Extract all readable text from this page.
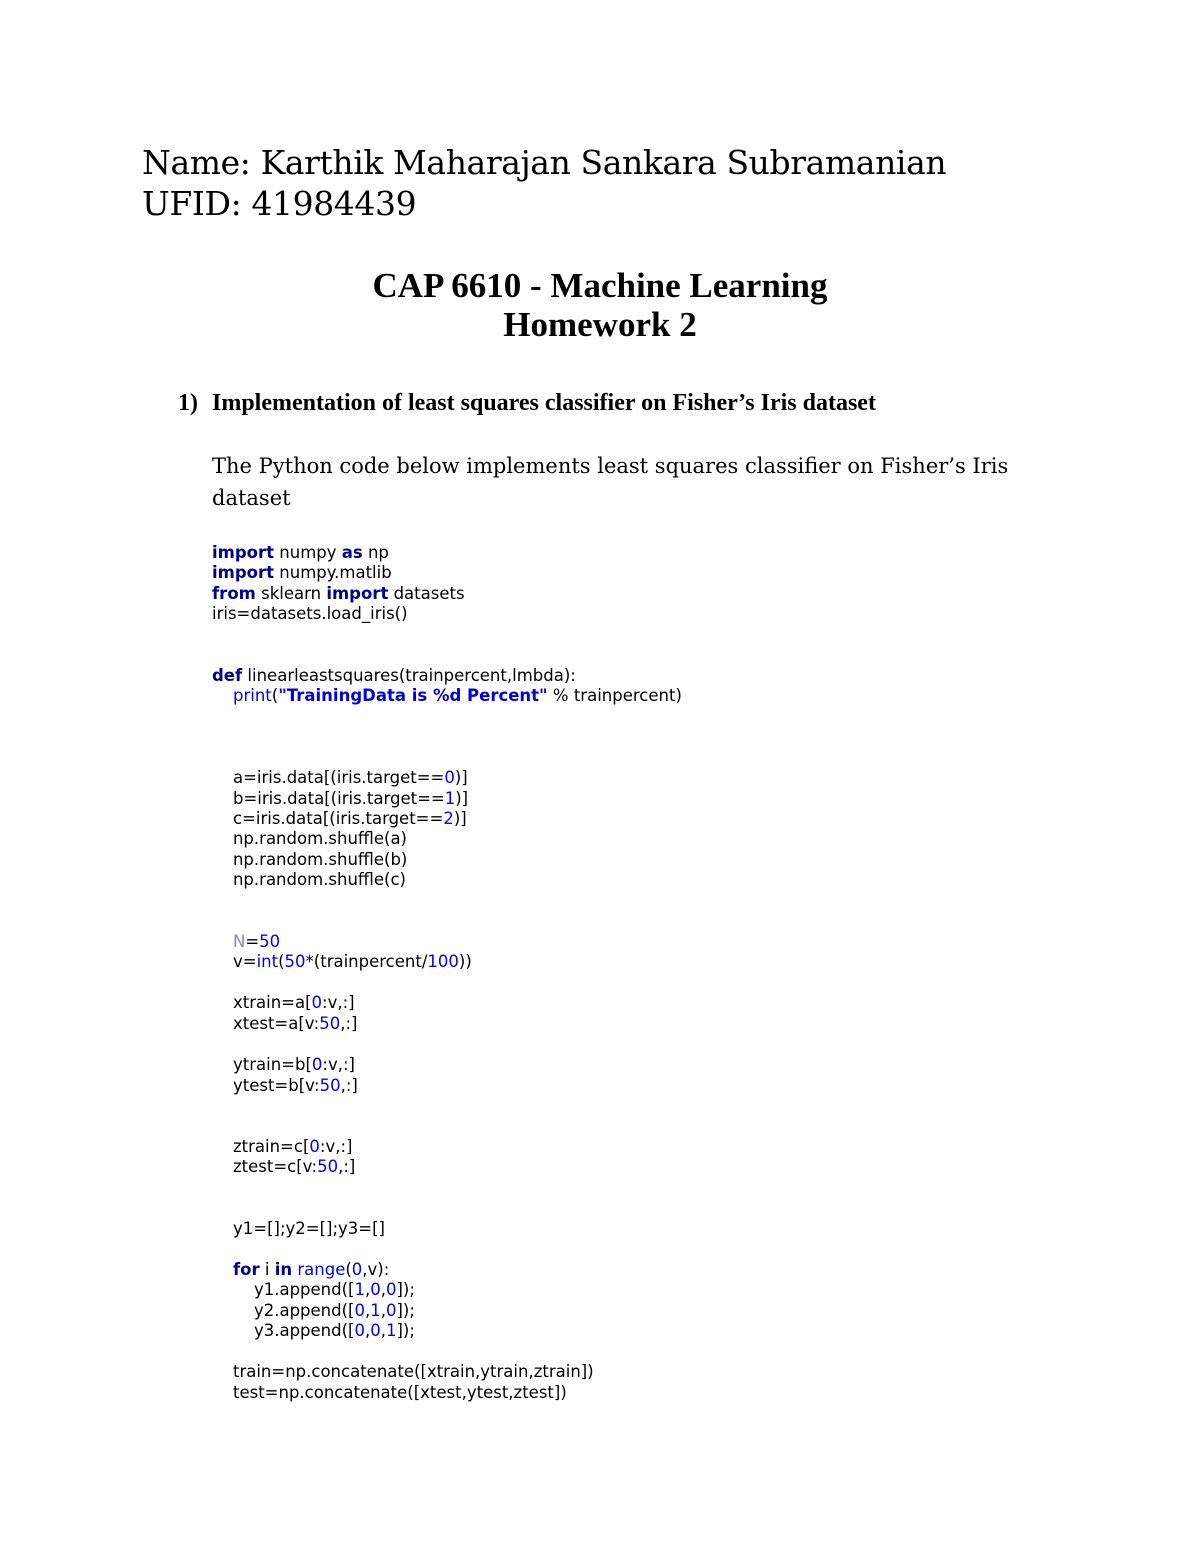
Name: Karthik Maharajan Sankara Subramanian
UFID: 41984439
CAP 6610 - Machine Learning
Homework 2
1) Implementation of least squares classifier on Fisher’s Iris dataset
The Python code below implements least squares classifier on Fisher’s Iris dataset
import numpy as np
import numpy.matlib
from sklearn import datasets
iris=datasets.load_iris()
def linearleastsquares(trainpercent,lmbda):
print("TrainingData is %d Percent" % trainpercent)
a=iris.data[(iris.target==0)]
b=iris.data[(iris.target==1)]
c=iris.data[(iris.target==2)]
np.random.shuffle(a)
np.random.shuffle(b)
np.random.shuffle(c)
N=50
v=int(50*(trainpercent/100))
xtrain=a[0:v,:]
xtest=a[v:50,:]
ytrain=b[0:v,:]
ytest=b[v:50,:]
ztrain=c[0:v,:]
ztest=c[v:50,:]
y1=[];y2=[];y3=[]
for i in range(0,v):
y1.append([1,0,0]);
y2.append([0,1,0]);
y3.append([0,0,1]);
train=np.concatenate([xtrain,ytrain,ztrain])
test=np.concatenate([xtest,ytest,ztest])
